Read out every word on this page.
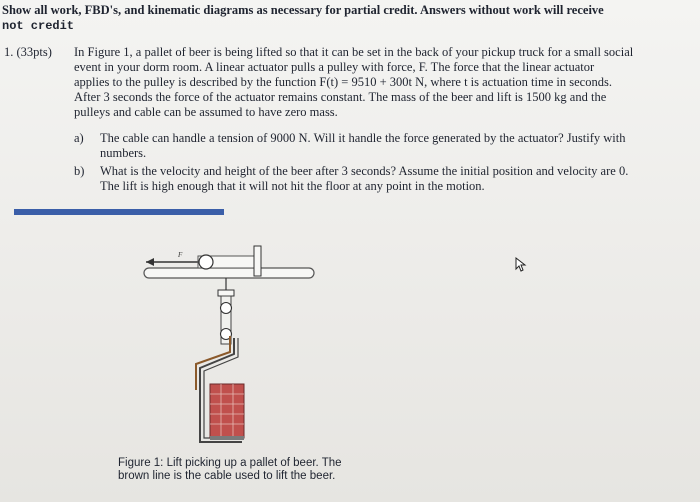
Show all work, FBD's, and kinematic diagrams as necessary for partial credit. Answers without work will receive
not credit
1. (33pts) In Figure 1, a pallet of beer is being lifted so that it can be set in the back of your pickup truck for a small social
event in your dorm room. A linear actuator pulls a pulley with force, F. The force that the linear actuator
applies to the pulley is described by the function F(t) = 9510 + 300t N, where t is actuation time in seconds.
After 3 seconds the force of the actuator remains constant. The mass of the beer and lift is 1500 kg and the
pulleys and cable can be assumed to have zero mass.
a) The cable can handle a tension of 9000 N. Will it handle the force generated by the actuator? Justify with
numbers.
b) What is the velocity and height of the beer after 3 seconds? Assume the initial position and velocity are 0.
The lift is high enough that it will not hit the floor at any point in the motion.
F
Figure 1: Lift picking up a pallet of beer. The
brown line is the cable used to lift the beer.
